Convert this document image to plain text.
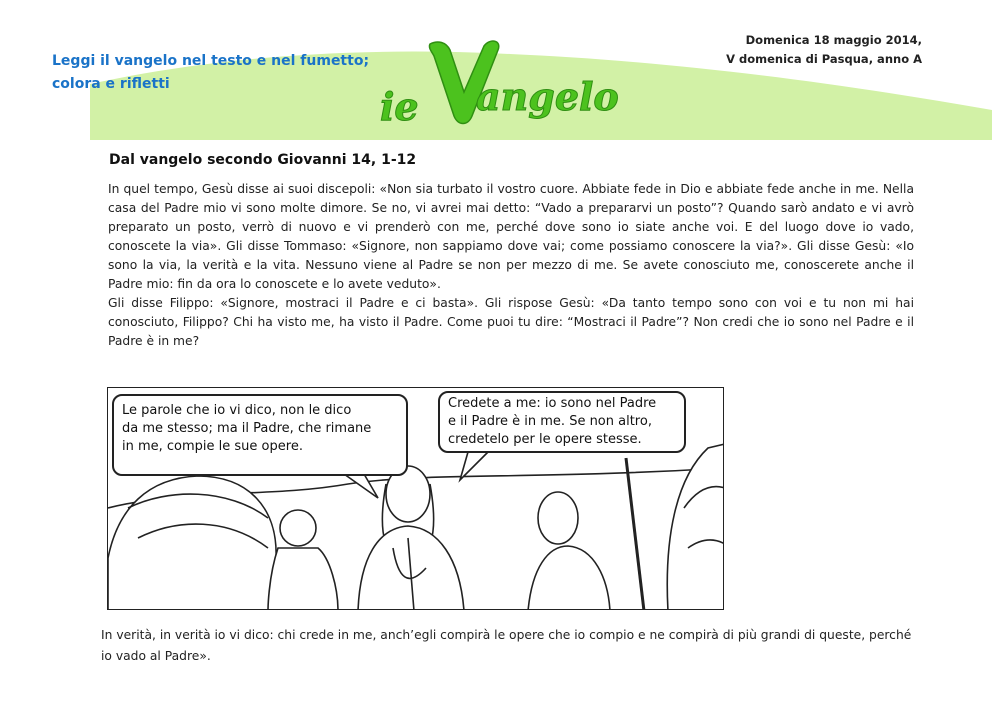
Leggi il vangelo nel testo e nel fumetto;
colora e rifletti
Domenica 18 maggio 2014,
V domenica di Pasqua, anno A
ie angelo
Dal vangelo secondo Giovanni 14, 1-12

In quel tempo, Gesù disse ai suoi discepoli: «Non sia turbato il vostro cuore. Abbiate fede in Dio e abbiate fede anche in me. Nella casa del Padre mio vi sono molte dimore. Se no, vi avrei mai detto: “Vado a prepararvi un posto”? Quando sarò andato e vi avrò preparato un posto, verrò di nuovo e vi prenderò con me, perché dove sono io siate anche voi. E del luogo dove io vado, conoscete la via». Gli disse Tommaso: «Signore, non sappiamo dove vai; come possiamo conoscere la via?». Gli disse Gesù: «Io sono la via, la verità e la vita. Nessuno viene al Padre se non per mezzo di me. Se avete conosciuto me, conoscerete anche il Padre mio: fin da ora lo conoscete e lo avete veduto».

Gli disse Filippo: «Signore, mostraci il Padre e ci basta». Gli rispose Gesù: «Da tanto tempo sono con voi e tu non mi hai conosciuto, Filippo? Chi ha visto me, ha visto il Padre. Come puoi tu dire: “Mostraci il Padre”? Non credi che io sono nel Padre e il Padre è in me?

Le parole che io vi dico, non le dico
da me stesso; ma il Padre, che rimane
in me, compie le sue opere.
Credete a me: io sono nel Padre
e il Padre è in me. Se non altro,
credetelo per le opere stesse.
In verità, in verità io vi dico: chi crede in me, anch’egli compirà le opere che io compio e ne compirà di più grandi di queste, perché io vado al Padre».
